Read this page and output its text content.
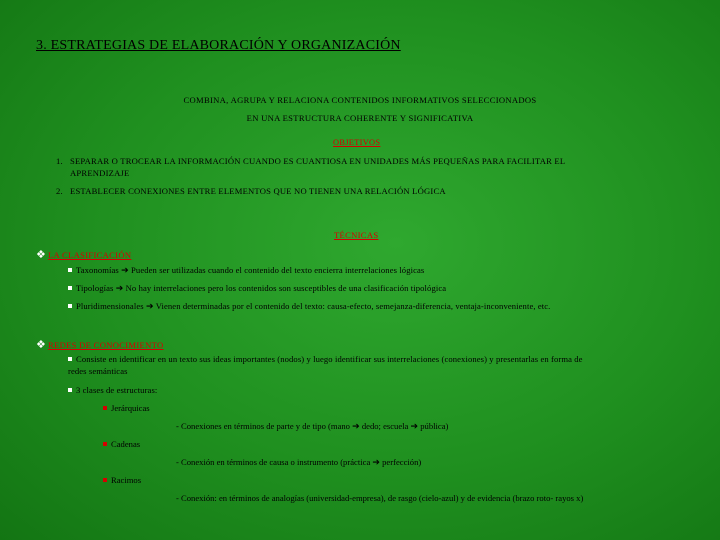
3. ESTRATEGIAS DE ELABORACIÓN Y ORGANIZACIÓN
COMBINA, AGRUPA Y RELACIONA CONTENIDOS INFORMATIVOS SELECCIONADOS
EN UNA ESTRUCTURA COHERENTE Y SIGNIFICATIVA
OBJETIVOS
1. SEPARAR O TROCEAR LA INFORMACIÓN CUANDO ES CUANTIOSA EN UNIDADES MÁS PEQUEÑAS PARA FACILITAR EL
APRENDIZAJE
2. ESTABLECER CONEXIONES ENTRE ELEMENTOS QUE NO TIENEN UNA RELACIÓN LÓGICA
TÉCNICAS
❖ LA CLASIFICACIÓN
Taxonomías ➔ Pueden ser utilizadas cuando el contenido del texto encierra interrelaciones lógicas
Tipologías ➔ No hay interrelaciones pero los contenidos son susceptibles de una clasificación tipológica
Pluridimensionales ➔ Vienen determinadas por el contenido del texto: causa-efecto, semejanza-diferencia, ventaja-inconveniente, etc.
❖ REDES DE CONOCIMIENTO
Consiste en identificar en un texto sus ideas importantes (nodos) y luego identificar sus interrelaciones (conexiones) y presentarlas en forma de
redes semánticas
3 clases de estructuras:
Jerárquicas
- Conexiones en términos de parte y de tipo (mano ➔ dedo; escuela ➔ pública)
Cadenas
- Conexión en términos de causa o instrumento (práctica ➔ perfección)
Racimos
- Conexión: en términos de analogías (universidad-empresa), de rasgo (cielo-azul) y de evidencia (brazo roto- rayos x)
